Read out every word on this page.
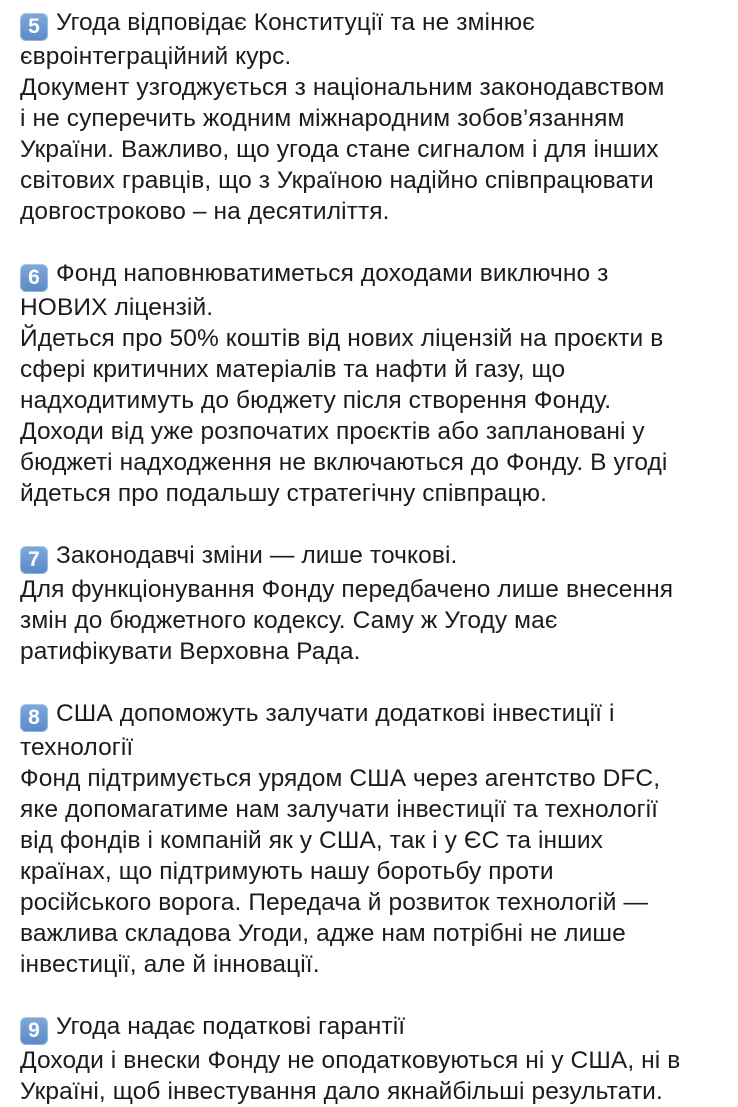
5 Угода відповідає Конституції та не змінює
євроінтеграційний курс.
Документ узгоджується з національним законодавством
і не суперечить жодним міжнародним зобов’язанням
України. Важливо, що угода стане сигналом і для інших
світових гравців, що з Україною надійно співпрацювати
довгостроково – на десятиліття.
6 Фонд наповнюватиметься доходами виключно з
НОВИХ ліцензій.
Йдеться про 50% коштів від нових ліцензій на проєкти в
сфері критичних матеріалів та нафти й газу, що
надходитимуть до бюджету після створення Фонду.
Доходи від уже розпочатих проєктів або заплановані у
бюджеті надходження не включаються до Фонду. В угоді
йдеться про подальшу стратегічну співпрацю.
7 Законодавчі зміни — лише точкові.
Для функціонування Фонду передбачено лише внесення
змін до бюджетного кодексу. Саму ж Угоду має
ратифікувати Верховна Рада.
8 США допоможуть залучати додаткові інвестиції і
технології
Фонд підтримується урядом США через агентство DFC,
яке допомагатиме нам залучати інвестиції та технології
від фондів і компаній як у США, так і у ЄС та інших
країнах, що підтримують нашу боротьбу проти
російського ворога. Передача й розвиток технологій —
важлива складова Угоди, адже нам потрібні не лише
інвестиції, але й інновації.
9 Угода надає податкові гарантії
Доходи і внески Фонду не оподатковуються ні у США, ні в
Україні, щоб інвестування дало якнайбільші результати.
